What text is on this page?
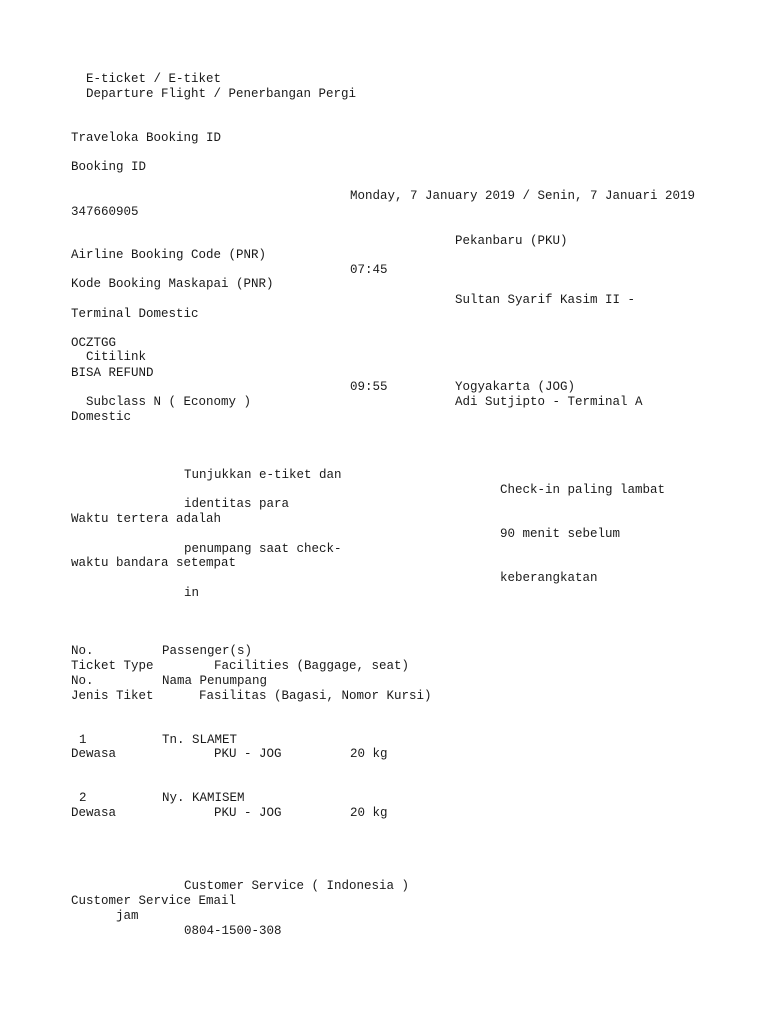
E-ticket / E-tiket
Departure Flight / Penerbangan Pergi
Traveloka Booking ID
Booking ID
347660905
Airline Booking Code (PNR)
Kode Booking Maskapai (PNR)
Terminal Domestic
OCZTGG
Citilink
BISA REFUND
Subclass N ( Economy )
Domestic
Monday, 7 January 2019 / Senin, 7 Januari 2019
Pekanbaru (PKU)
07:45
Sultan Syarif Kasim II -
09:55	Yogyakarta (JOG)
Adi Sutjipto - Terminal A
Tunjukkan e-tiket dan
identitas para
penumpang saat check-
in
Waktu tertera adalah
waktu bandara setempat
Check-in paling lambat
90 menit sebelum
keberangkatan
No.	Passenger(s)
Ticket Type	Facilities (Baggage, seat)
No.	Nama Penumpang
Jenis Tiket	Fasilitas (Bagasi, Nomor Kursi)
1	Tn. SLAMET
Dewasa	PKU - JOG	20 kg
2	Ny. KAMISEM
Dewasa	PKU - JOG	20 kg
Customer Service ( Indonesia )
Customer Service Email
jam
0804-1500-308
